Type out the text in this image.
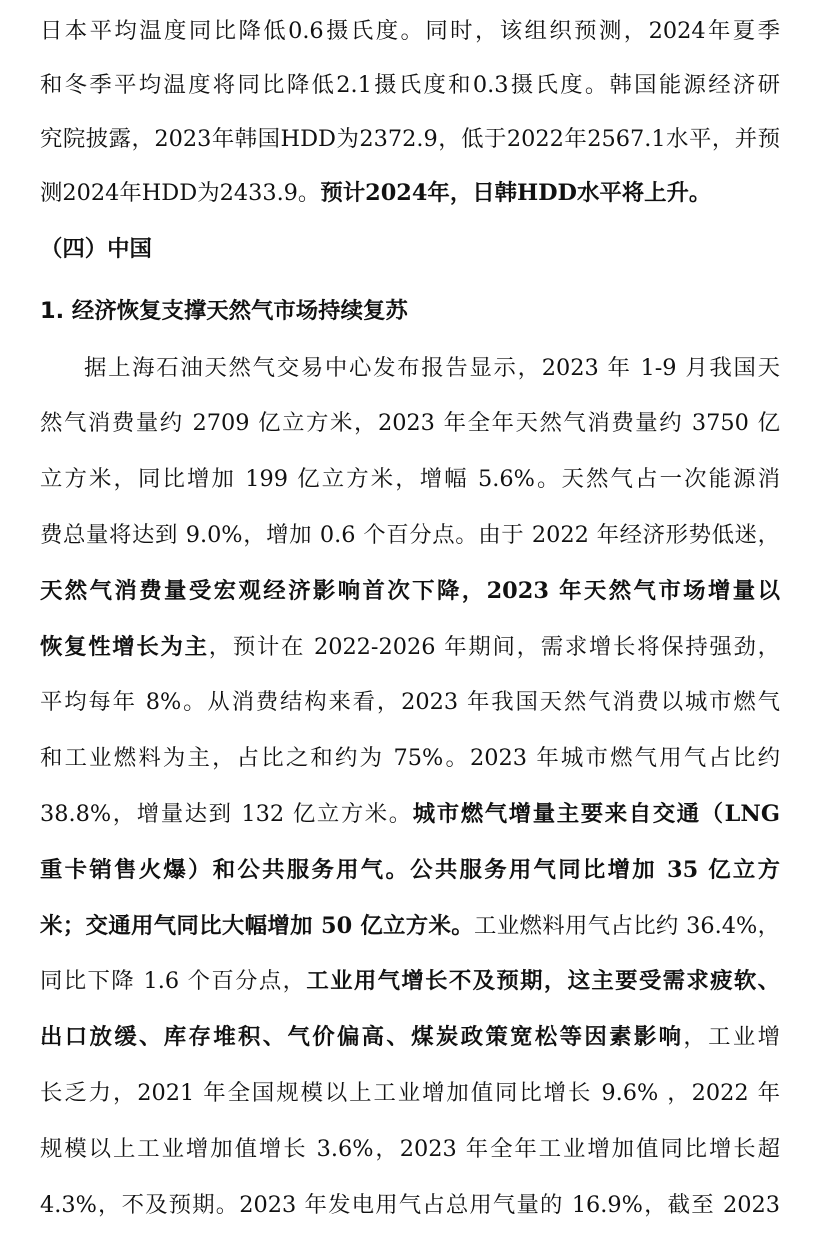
日本平均温度同比降低0.6摄氏度。同时，该组织预测，2024年夏季
和冬季平均温度将同比降低2.1摄氏度和0.3摄氏度。韩国能源经济研
究院披露，2023年韩国HDD为2372.9，低于2022年2567.1水平，并预
测2024年HDD为2433.9。预计2024年，日韩HDD水平将上升。
（四）中国
1. 经济恢复支撑天然气市场持续复苏
据上海石油天然气交易中心发布报告显示，2023 年 1-9 月我国天
然气消费量约 2709 亿立方米，2023 年全年天然气消费量约 3750 亿
立方米，同比增加 199 亿立方米，增幅 5.6%。天然气占一次能源消
费总量将达到 9.0%，增加 0.6 个百分点。由于 2022 年经济形势低迷，
天然气消费量受宏观经济影响首次下降，2023 年天然气市场增量以
恢复性增长为主，预计在 2022-2026 年期间，需求增长将保持强劲，
平均每年 8%。从消费结构来看，2023 年我国天然气消费以城市燃气
和工业燃料为主，占比之和约为 75%。2023 年城市燃气用气占比约
38.8%，增量达到 132 亿立方米。城市燃气增量主要来自交通（LNG
重卡销售火爆）和公共服务用气。公共服务用气同比增加 35 亿立方
米；交通用气同比大幅增加 50 亿立方米。工业燃料用气占比约 36.4%，
同比下降 1.6 个百分点，工业用气增长不及预期，这主要受需求疲软、
出口放缓、库存堆积、气价偏高、煤炭政策宽松等因素影响，工业增
长乏力，2021 年全国规模以上工业增加值同比增长 9.6% ，2022 年
规模以上工业增加值增长 3.6%，2023 年全年工业增加值同比增长超
4.3%，不及预期。2023 年发电用气占总用气量的 16.9%，截至 2023
